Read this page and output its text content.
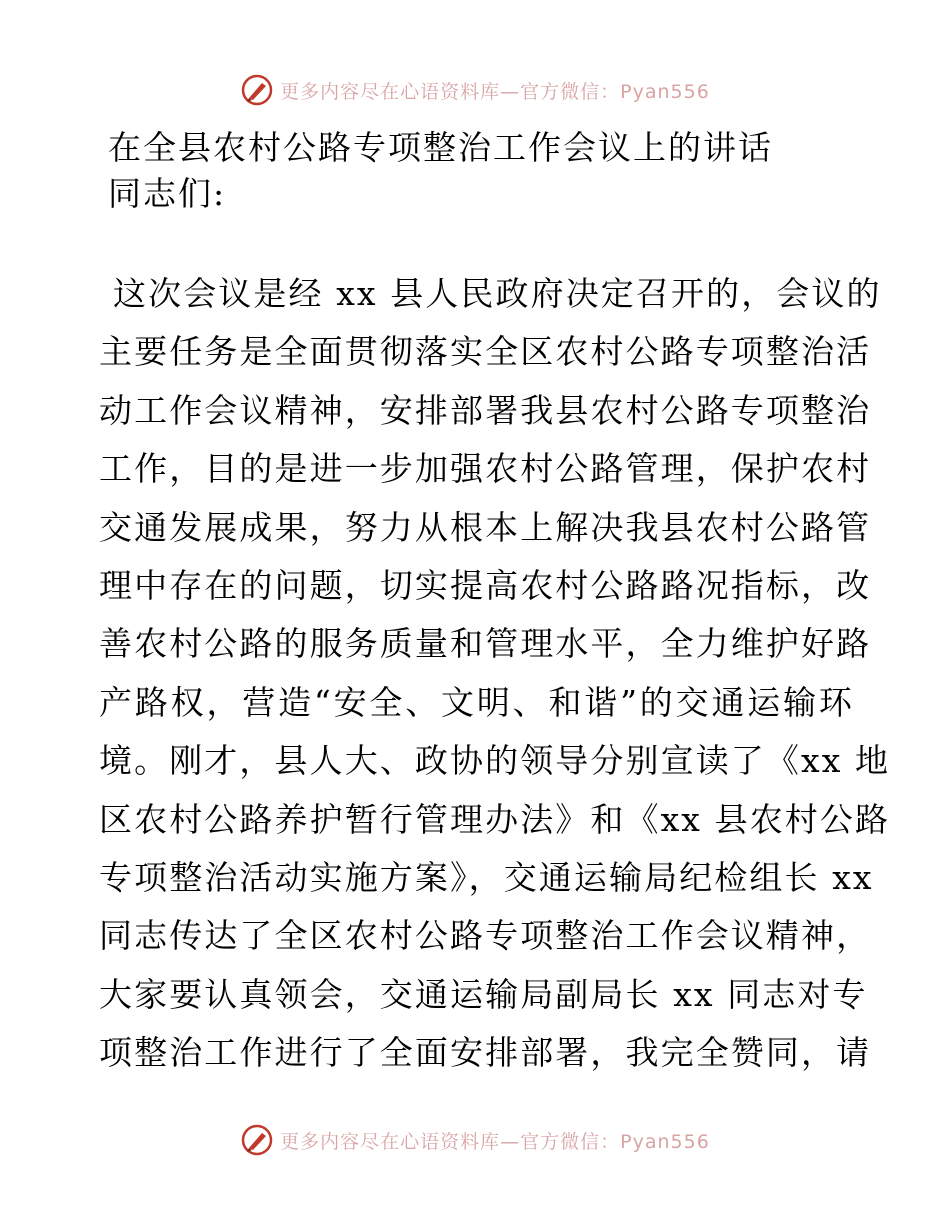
更多内容尽在心语资料库—官方微信：Pyan556
在全县农村公路专项整治工作会议上的讲话
同志们:
这次会议是经 xx 县人民政府决定召开的，会议的
主要任务是全面贯彻落实全区农村公路专项整治活
动工作会议精神，安排部署我县农村公路专项整治
工作，目的是进一步加强农村公路管理，保护农村
交通发展成果，努力从根本上解决我县农村公路管
理中存在的问题，切实提高农村公路路况指标，改
善农村公路的服务质量和管理水平，全力维护好路
产路权，营造“安全、文明、和谐”的交通运输环
境。刚才，县人大、政协的领导分别宣读了《xx 地
区农村公路养护暂行管理办法》和《xx 县农村公路
专项整治活动实施方案》，交通运输局纪检组长 xx
同志传达了全区农村公路专项整治工作会议精神，
大家要认真领会，交通运输局副局长 xx 同志对专
项整治工作进行了全面安排部署，我完全赞同，请
更多内容尽在心语资料库—官方微信：Pyan556
